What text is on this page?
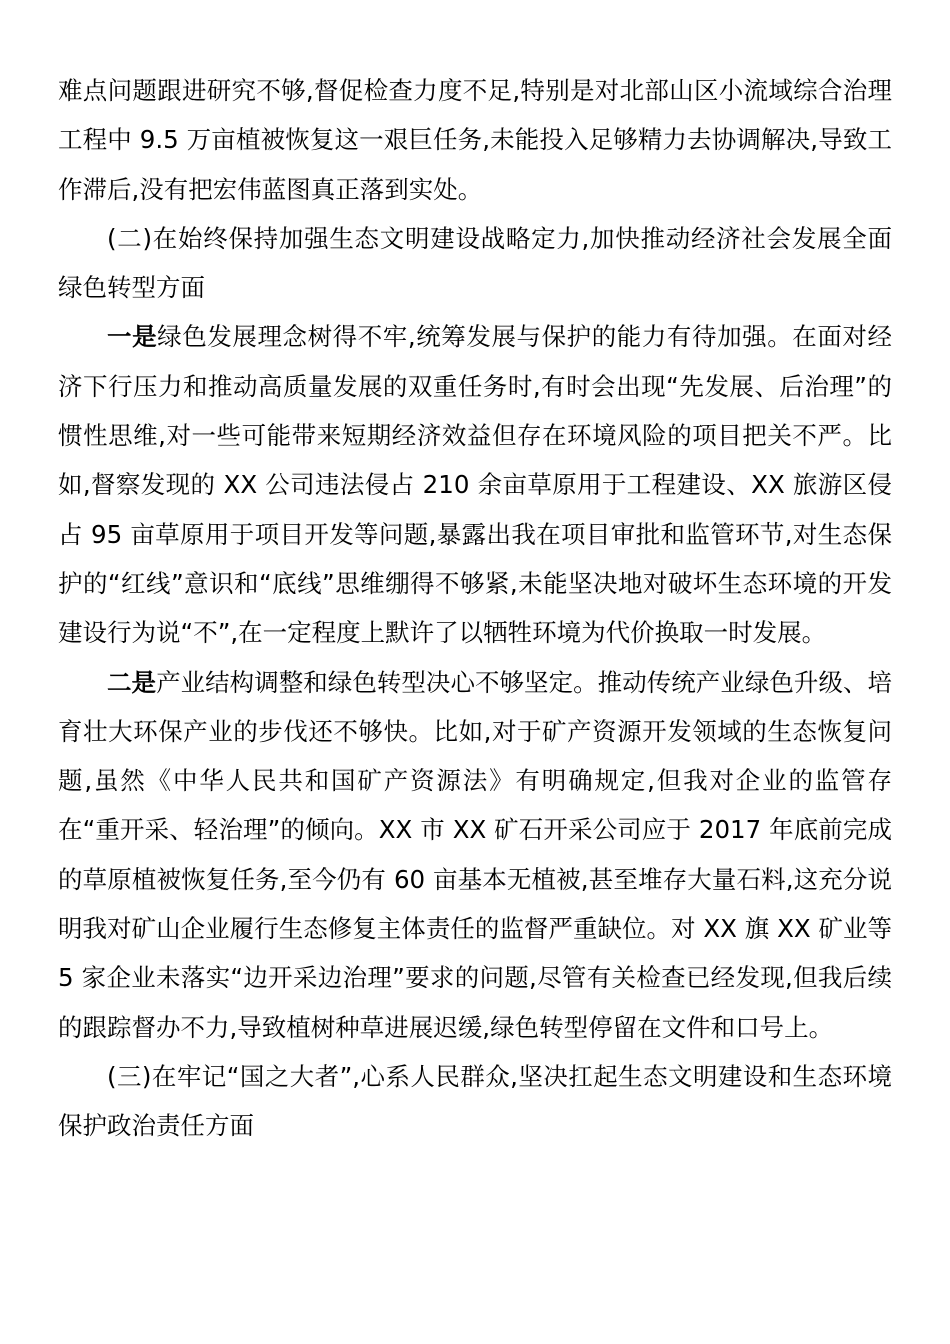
难点问题跟进研究不够,督促检查力度不足,特别是对北部山区小流域综合治理工程中 9.5 万亩植被恢复这一艰巨任务,未能投入足够精力去协调解决,导致工作滞后,没有把宏伟蓝图真正落到实处。

(二)在始终保持加强生态文明建设战略定力,加快推动经济社会发展全面绿色转型方面

一是绿色发展理念树得不牢,统筹发展与保护的能力有待加强。在面对经济下行压力和推动高质量发展的双重任务时,有时会出现“先发展、后治理”的惯性思维,对一些可能带来短期经济效益但存在环境风险的项目把关不严。比如,督察发现的 XX 公司违法侵占 210 余亩草原用于工程建设、XX 旅游区侵占 95 亩草原用于项目开发等问题,暴露出我在项目审批和监管环节,对生态保护的“红线”意识和“底线”思维绷得不够紧,未能坚决地对破坏生态环境的开发建设行为说“不”,在一定程度上默许了以牺牲环境为代价换取一时发展。

二是产业结构调整和绿色转型决心不够坚定。推动传统产业绿色升级、培育壮大环保产业的步伐还不够快。比如,对于矿产资源开发领域的生态恢复问题,虽然《中华人民共和国矿产资源法》有明确规定,但我对企业的监管存在“重开采、轻治理”的倾向。XX 市 XX 矿石开采公司应于 2017 年底前完成的草原植被恢复任务,至今仍有 60 亩基本无植被,甚至堆存大量石料,这充分说明我对矿山企业履行生态修复主体责任的监督严重缺位。对 XX 旗 XX 矿业等 5 家企业未落实“边开采边治理”要求的问题,尽管有关检查已经发现,但我后续的跟踪督办不力,导致植树种草进展迟缓,绿色转型停留在文件和口号上。

(三)在牢记“国之大者”,心系人民群众,坚决扛起生态文明建设和生态环境保护政治责任方面
